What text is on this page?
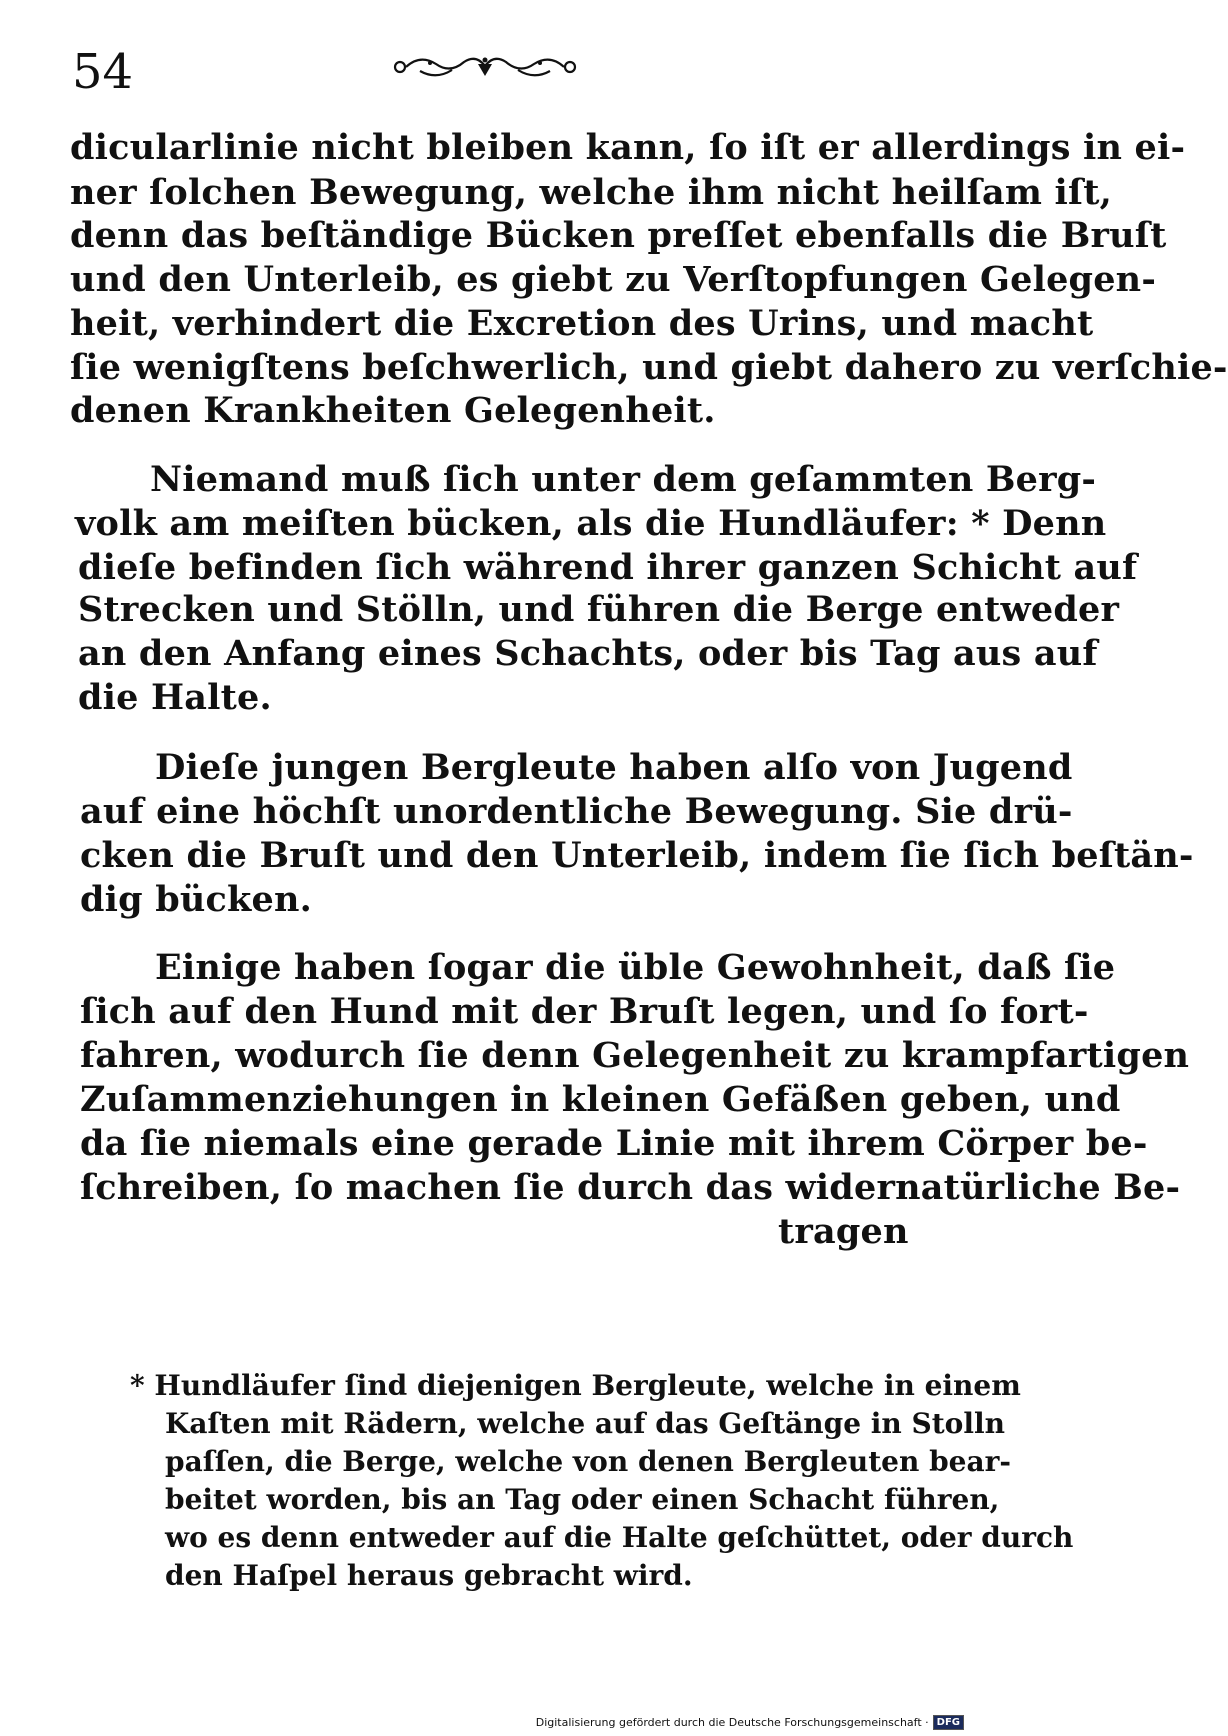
54
dicularlinie nicht bleiben kann, ſo iſt er allerdings in ei‑
ner ſolchen Bewegung, welche ihm nicht heilſam iſt,
denn das beſtändige Bücken preſſet ebenfalls die Bruſt
und den Unterleib, es giebt zu Verſtopfungen Gelegen‑
heit, verhindert die Excretion des Urins, und macht
ſie wenigſtens beſchwerlich, und giebt dahero zu verſchie‑
denen Krankheiten Gelegenheit.
Niemand muß ſich unter dem geſammten Berg‑
volk am meiſten bücken, als die Hundläufer: * Denn
dieſe befinden ſich während ihrer ganzen Schicht auf
Strecken und Stölln, und führen die Berge entweder
an den Anfang eines Schachts, oder bis Tag aus auf
die Halte.
Dieſe jungen Bergleute haben alſo von Jugend
auf eine höchſt unordentliche Bewegung. Sie drü‑
cken die Bruſt und den Unterleib, indem ſie ſich beſtän‑
dig bücken.
Einige haben ſogar die üble Gewohnheit, daß ſie
ſich auf den Hund mit der Bruſt legen, und ſo fort‑
fahren, wodurch ſie denn Gelegenheit zu krampfartigen
Zuſammenziehungen in kleinen Gefäßen geben, und
da ſie niemals eine gerade Linie mit ihrem Cörper be‑
ſchreiben, ſo machen ſie durch das widernatürliche Be‑
tragen
* Hundläufer ſind diejenigen Bergleute, welche in einem
Kaſten mit Rädern, welche auf das Geſtänge in Stolln
paſſen, die Berge, welche von denen Bergleuten bear‑
beitet worden, bis an Tag oder einen Schacht führen,
wo es denn entweder auf die Halte geſchüttet, oder durch
den Haſpel heraus gebracht wird.
Digitalisierung gefördert durch die Deutsche Forschungsgemeinschaft · DFG
